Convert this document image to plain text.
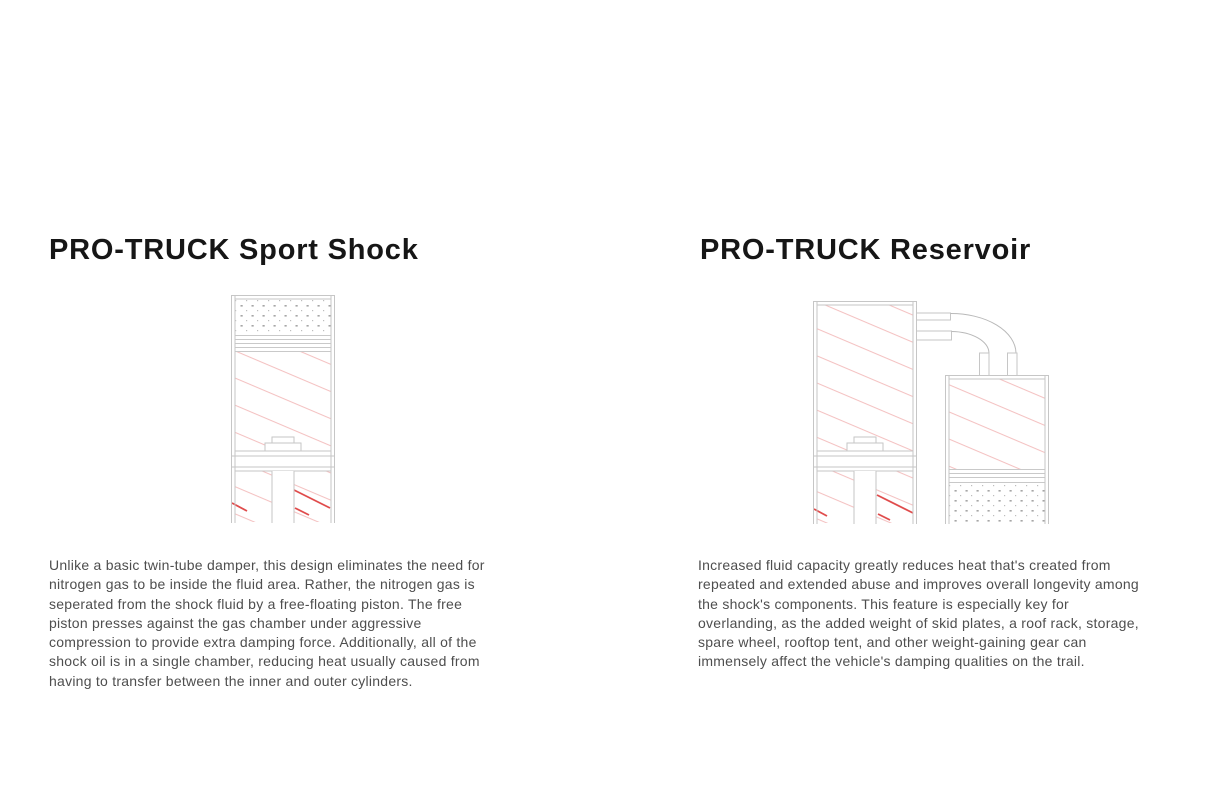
PRO-TRUCK Sport Shock
Unlike a basic twin-tube damper, this design eliminates the need for
nitrogen gas to be inside the fluid area. Rather, the nitrogen gas is
seperated from the shock fluid by a free-floating piston. The free
piston presses against the gas chamber under aggressive
compression to provide extra damping force. Additionally, all of the
shock oil is in a single chamber, reducing heat usually caused from
having to transfer between the inner and outer cylinders.
PRO-TRUCK Reservoir
Increased fluid capacity greatly reduces heat that's created from
repeated and extended abuse and improves overall longevity among
the shock's components. This feature is especially key for
overlanding, as the added weight of skid plates, a roof rack, storage,
spare wheel, rooftop tent, and other weight-gaining gear can
immensely affect the vehicle's damping qualities on the trail.
